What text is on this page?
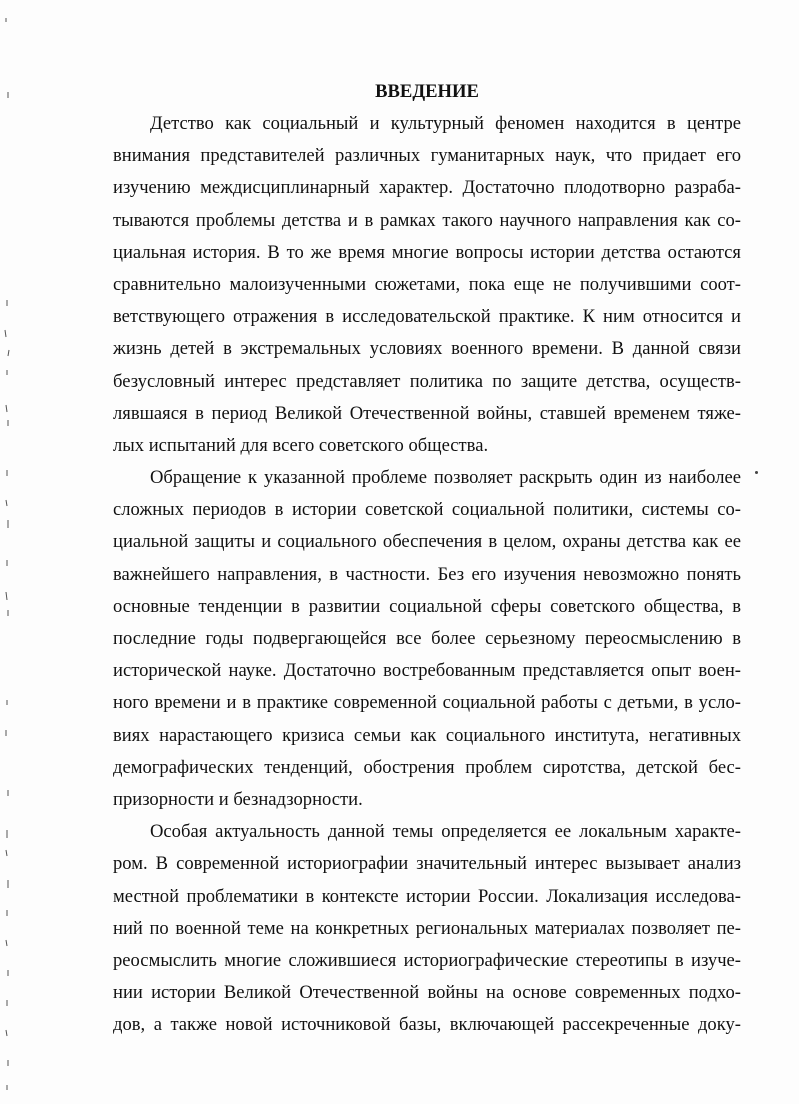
ВВЕДЕНИЕ
Детство как социальный и культурный феномен находится в центре
внимания представителей различных гуманитарных наук, что придает его
изучению междисциплинарный характер. Достаточно плодотворно разраба-
тываются проблемы детства и в рамках такого научного направления как со-
циальная история. В то же время многие вопросы истории детства остаются
сравнительно малоизученными сюжетами, пока еще не получившими соот-
ветствующего отражения в исследовательской практике. К ним относится и
жизнь детей в экстремальных условиях военного времени. В данной связи
безусловный интерес представляет политика по защите детства, осуществ-
лявшаяся в период Великой Отечественной войны, ставшей временем тяже-
лых испытаний для всего советского общества.
Обращение к указанной проблеме позволяет раскрыть один из наиболее
сложных периодов в истории советской социальной политики, системы со-
циальной защиты и социального обеспечения в целом, охраны детства как ее
важнейшего направления, в частности. Без его изучения невозможно понять
основные тенденции в развитии социальной сферы советского общества, в
последние годы подвергающейся все более серьезному переосмыслению в
исторической науке. Достаточно востребованным представляется опыт воен-
ного времени и в практике современной социальной работы с детьми, в усло-
виях нарастающего кризиса семьи как социального института, негативных
демографических тенденций, обострения проблем сиротства, детской бес-
призорности и безнадзорности.
Особая актуальность данной темы определяется ее локальным характе-
ром. В современной историографии значительный интерес вызывает анализ
местной проблематики в контексте истории России. Локализация исследова-
ний по военной теме на конкретных региональных материалах позволяет пе-
реосмыслить многие сложившиеся историографические стереотипы в изуче-
нии истории Великой Отечественной войны на основе современных подхо-
дов, а также новой источниковой базы, включающей рассекреченные доку-
